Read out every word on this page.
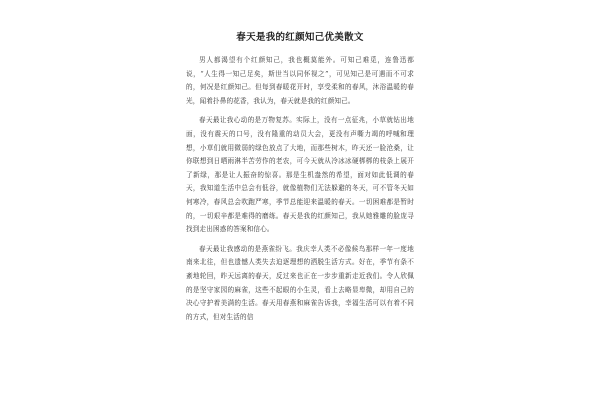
春天是我的红颜知己优美散文

男人都渴望有个红颜知己，我也概莫能外。可知己难觅，连鲁迅都说，“人生得一知己足矣，斯世当以同怀视之”，可见知己是可遇而不可求的，何况是红颜知己。但每到春暖花开时，享受柔和的春风，沐浴温暖的春光，闻着扑鼻的花香，我认为，春天就是我的红颜知己。

春天最让我心动的是万物复苏。实际上，没有一点征兆，小草就钻出地面，没有震天的口号，没有隆重的动员大会，更没有声嘶力竭的呼喊和理想，小草们就用微弱的绿色放点了大地，而那些树木，昨天还一脸沧桑，让你联想到日晒雨淋半苦劳作的老农，可今天就从冷冰冰硬梆梆的枝条上展开了新绿，那是让人振奋的惊喜。那是生机盎然的希望，面对如此低调的春天，我知道生活中总会有低谷，就像植物们无法躲避的冬天，可不管冬天如何寒冷，春风总会吹跑严寒，季节总能迎来温暖的春天。一切困难都是暂时的，一切艰辛都是难得的磨练。春天是我的红颜知己，我从她雅雕的脸庞寻找到走出困惑的答案和信心。

春天最让我感动的是燕雀纷飞。我庆幸人类不必像候鸟那样一年一度地南来北往，但也遗憾人类失去迫逐理想的洒脱生活方式。好在，季节有条不紊地轮回，昨天远离的春天，反过来也正在一步步重新走近我们。令人欣佩的是坚守家园的麻雀，这些不起眼的小生灵，看上去略显卑微，却用自己的决心守护着美满的生活。春天用春燕和麻雀告诉我，幸福生活可以有着不同的方式，但对生活的信
